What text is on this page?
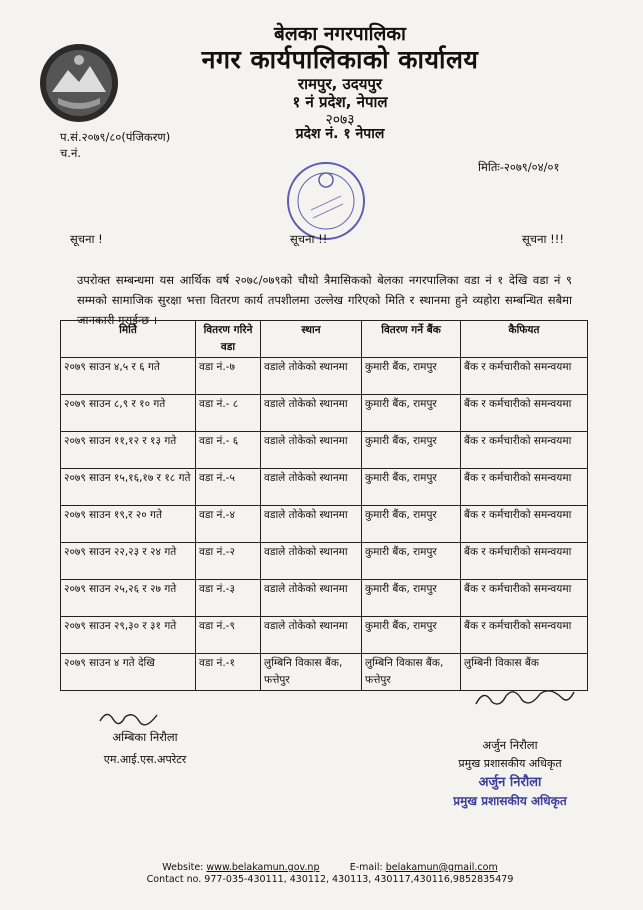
बेलका नगरपालिका
नगर कार्यपालिकाको कार्यालय
रामपुर, उदयपुर
१ नं प्रदेश, नेपाल
२०७३
प्रदेश नं. १ नेपाल
प.सं.२०७९/८०(पंजिकरण)
च.नं.
मितिः-२०७९/०४/०१
सूचना !	सूचना !!	सूचना !!!
उपरोक्त सम्बन्धमा यस आर्थिक वर्ष २०७८/०७९को चौथो त्रैमासिकको बेलका नगरपालिका वडा नं १ देखि वडा नं ९ सम्मको सामाजिक सुरक्षा भत्ता वितरण कार्य तपशीलमा उल्लेख गरिएको मिति र स्थानमा हुने व्यहोरा सम्बन्धित सबैमा जानकारी गराईन्छ ।
मिति	वितरण गरिने वडा	स्थान	वितरण गर्ने बैंक	कैफियत
२०७९ साउन ४,५ र ६ गते	वडा नं.-७	वडाले तोकेको स्थानमा	कुमारी बैंक, रामपुर	बैंक र कर्मचारीको समन्वयमा
२०७९ साउन ८,९ र १० गते	वडा नं.- ८	वडाले तोकेको स्थानमा	कुमारी बैंक, रामपुर	बैंक र कर्मचारीको समन्वयमा
२०७९ साउन ११,१२ र १३ गते	वडा नं.- ६	वडाले तोकेको स्थानमा	कुमारी बैंक, रामपुर	बैंक र कर्मचारीको समन्वयमा
२०७९ साउन १५,१६,१७ र १८ गते	वडा नं.-५	वडाले तोकेको स्थानमा	कुमारी बैंक, रामपुर	बैंक र कर्मचारीको समन्वयमा
२०७९ साउन १९,र २० गते	वडा नं.-४	वडाले तोकेको स्थानमा	कुमारी बैंक, रामपुर	बैंक र कर्मचारीको समन्वयमा
२०७९ साउन २२,२३ र २४ गते	वडा नं.-२	वडाले तोकेको स्थानमा	कुमारी बैंक, रामपुर	बैंक र कर्मचारीको समन्वयमा
२०७९ साउन २५,२६ र २७ गते	वडा नं.-३	वडाले तोकेको स्थानमा	कुमारी बैंक, रामपुर	बैंक र कर्मचारीको समन्वयमा
२०७९ साउन २९,३० र ३१ गते	वडा नं.-९	वडाले तोकेको स्थानमा	कुमारी बैंक, रामपुर	बैंक र कर्मचारीको समन्वयमा
२०७९ साउन ४ गते देखि	वडा नं.-१	लुम्बिनि विकास बैंक, फत्तेपुर	लुम्बिनि विकास बैंक, फत्तेपुर	लुम्बिनी विकास बैंक
अम्बिका निरौला
एम.आई.एस.अपरेटर
अर्जुन निरौला
प्रमुख प्रशासकीय अधिकृत
अर्जुन निरौला
प्रमुख प्रशासकीय अधिकृत
Website: www.belakamun.gov.np	E-mail: belakamun@gmail.com
Contact no. 977-035-430111, 430112, 430113, 430117,430116,9852835479
